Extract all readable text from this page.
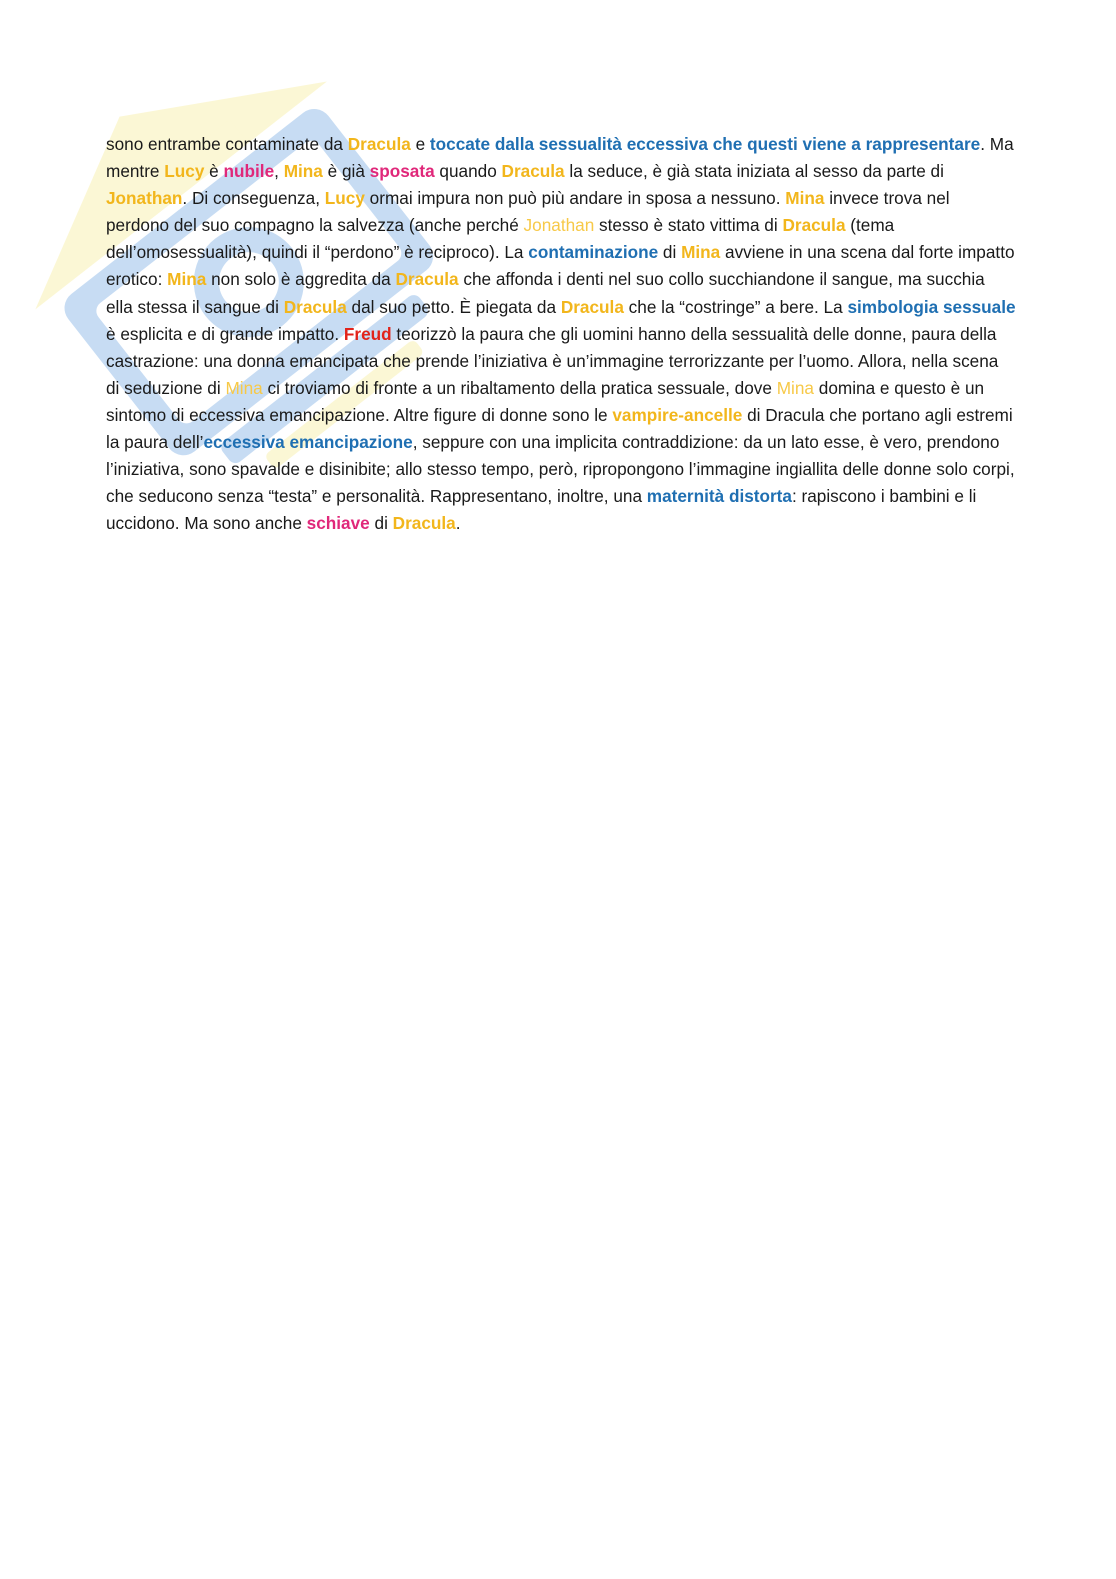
sono entrambe contaminate da Dracula e toccate dalla sessualità eccessiva che questi viene a rappresentare. Ma mentre Lucy è nubile, Mina è già sposata quando Dracula la seduce, è già stata iniziata al sesso da parte di Jonathan. Di conseguenza, Lucy ormai impura non può più andare in sposa a nessuno. Mina invece trova nel perdono del suo compagno la salvezza (anche perché Jonathan stesso è stato vittima di Dracula (tema dell’omosessualità), quindi il “perdono” è reciproco). La contaminazione di Mina avviene in una scena dal forte impatto erotico: Mina non solo è aggredita da Dracula che affonda i denti nel suo collo succhiandone il sangue, ma succhia ella stessa il sangue di Dracula dal suo petto. È piegata da Dracula che la “costringe” a bere. La simbologia sessuale è esplicita e di grande impatto. Freud teorizzò la paura che gli uomini hanno della sessualità delle donne, paura della castrazione: una donna emancipata che prende l’iniziativa è un’immagine terrorizzante per l’uomo. Allora, nella scena di seduzione di Mina ci troviamo di fronte a un ribaltamento della pratica sessuale, dove Mina domina e questo è un sintomo di eccessiva emancipazione. Altre figure di donne sono le vampire-ancelle di Dracula che portano agli estremi la paura dell’eccessiva emancipazione, seppure con una implicita contraddizione: da un lato esse, è vero, prendono l’iniziativa, sono spavalde e disinibite; allo stesso tempo, però, ripropongono l’immagine ingiallita delle donne solo corpi, che seducono senza “testa” e personalità. Rappresentano, inoltre, una maternità distorta: rapiscono i bambini e li uccidono. Ma sono anche schiave di Dracula.
